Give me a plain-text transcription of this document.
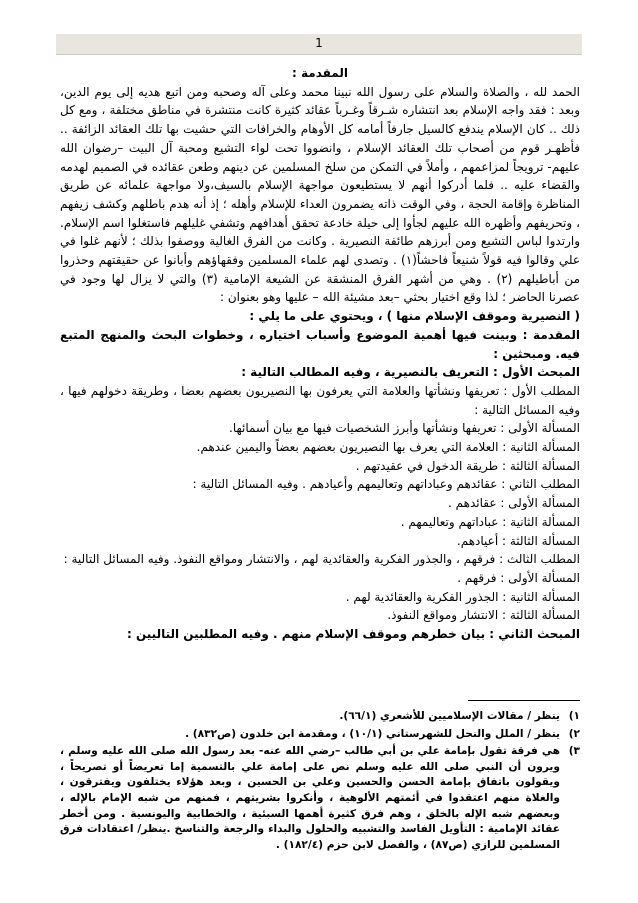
1

المقدمة :

الحمد لله ، والصلاة والسلام على رسول الله نبينا محمد وعلى آله وصحبه ومن اتبع هديه إلى يوم الدين، وبعد : فقد واجه الإسلام بعد انتشاره شـرقاً وغـرباً عقائد كثيرة كانت منتشرة في مناطق مختلفة ، ومع كل ذلك .. كان الإسلام يندفع كالسيل جارفاً أمامه كل الأوهام والخرافات التي حشيت بها تلك العقائد الزائفة .. فأظهـر قوم من أصحاب تلك العقائد الإسلام ، وانضووا تحت لواء التشيع ومحبة آل البيت –رضوان الله عليهم- ترويجاً لمزاعمهم ، وأملاً في التمكن من سلخ المسلمين عن دينهم وطعن عقائده في الصميم لهدمه والقضاء عليه .. فلما أدركوا أنهم لا يستطيعون مواجهة الإسلام بالسيف،ولا مواجهة علمائه عن طريق المناظرة وإقامة الحجة ، وفي الوقت ذاته يضمرون العداء للإسلام وأهله ؛ إذ أنه هدم باطلهم وكشف زيفهم ، وتحريفهم وأظهره الله عليهم لجأوا إلى حيلة خادعة تحقق أهدافهم وتشفي غليلهم فاستغلوا اسم الإسلام. وارتدوا لباس التشيع ومن أبرزهم طائفة النصيرية . وكانت من الفرق الغالية ووصفوا بذلك ؛ لأنهم غلوا في علي وقالوا فيه قولاً شنيعاً فاحشاً(١) . وتصدى لهم علماء المسلمين وفقهاؤهم وأبانوا عن حقيقتهم وحذروا من أباطيلهم (٢) . وهي من أشهر الفرق المنشقة عن الشيعة الإمامية (٣) والتي لا يزال لها وجود في عصرنا الحاضر ؛ لذا وقع اختيار بحثي –بعد مشيئة الله – عليها وهو بعنوان :

( النصيرية وموقف الإسلام منها ) ، ويحتوي على ما يلي :

المقدمة : وبينت فيها أهمية الموضوع وأسباب اختياره ، وخطوات البحث والمنهج المتبع فيه. ومبحثين :

المبحث الأول : التعريف بالنصيرية ، وفيه المطالب التالية :

المطلب الأول : تعريفها ونشأتها والعلامة التي يعرفون بها النصيريون بعضهم بعضا ، وطريقة دخولهم فيها ، وفيه المسائل التالية :

المسألة الأولى : تعريفها ونشأتها وأبرز الشخصيات فيها مع بيان أسمائها.

المسألة الثانية : العلامة التي يعرف بها النصيريون بعضهم بعضاً واليمين عندهم.

المسألة الثالثة : طريقة الدخول في عقيدتهم .

المطلب الثاني : عقائدهم وعباداتهم وتعاليمهم وأعيادهم . وفيه المسائل التالية :

المسألة الأولى : عقائدهم .

المسألة الثانية : عباداتهم وتعاليمهم .

المسألة الثالثة : أعيادهم.

المطلب الثالث : فرقهم ، والجذور الفكرية والعقائدية لهم ، والانتشار ومواقع النفوذ. وفيه المسائل التالية :

المسألة الأولى : فرقهم .

المسألة الثانية : الجذور الفكرية والعقائدية لهم .

المسألة الثالثة : الانتشار ومواقع النفوذ.

المبحث الثاني : بيان خطرهم وموقف الإسلام منهم . وفيه المطلبين التاليين :

١)
ينظر / مقالات الإسلاميين للأشعري (٦٦/١).
٢)
ينظر / الملل والنحل للشهرستاني (١٠/١) ، ومقدمة ابن خلدون (ص٨٣٢) .
٣)
هي فرقة تقول بإمامة علي بن أبي طالب –رضي الله عنه- بعد رسول الله صلى الله عليه وسلم ، ويرون أن النبي صلى الله عليه وسلم نص على إمامة علي بالتسمية إما تعريضاً أو تصريحاً ، ويقولون باتفاق بإمامة الحسن والحسين وعلي بن الحسين ، وبعد هؤلاء يختلفون ويفترقون ، والغلاة منهم اعتقدوا في أئمتهم الألوهية ، وأنكروا بشريتهم ، فمنهم من شبه الإمام بالإله ، وبعضهم شبه الإله بالخلق ، وهم فرق كثيرة أهمها السبئية ، والخطابية واليونسية . ومن أخطر عقائد الإمامية : التأويل الفاسد والتشبيه والحلول والبداء والرجعة والتناسخ .ينظر/ اعتقادات فرق المسلمين للرازي (ص٨٧) ، والفصل لابن حزم (١٨٢/٤) .
